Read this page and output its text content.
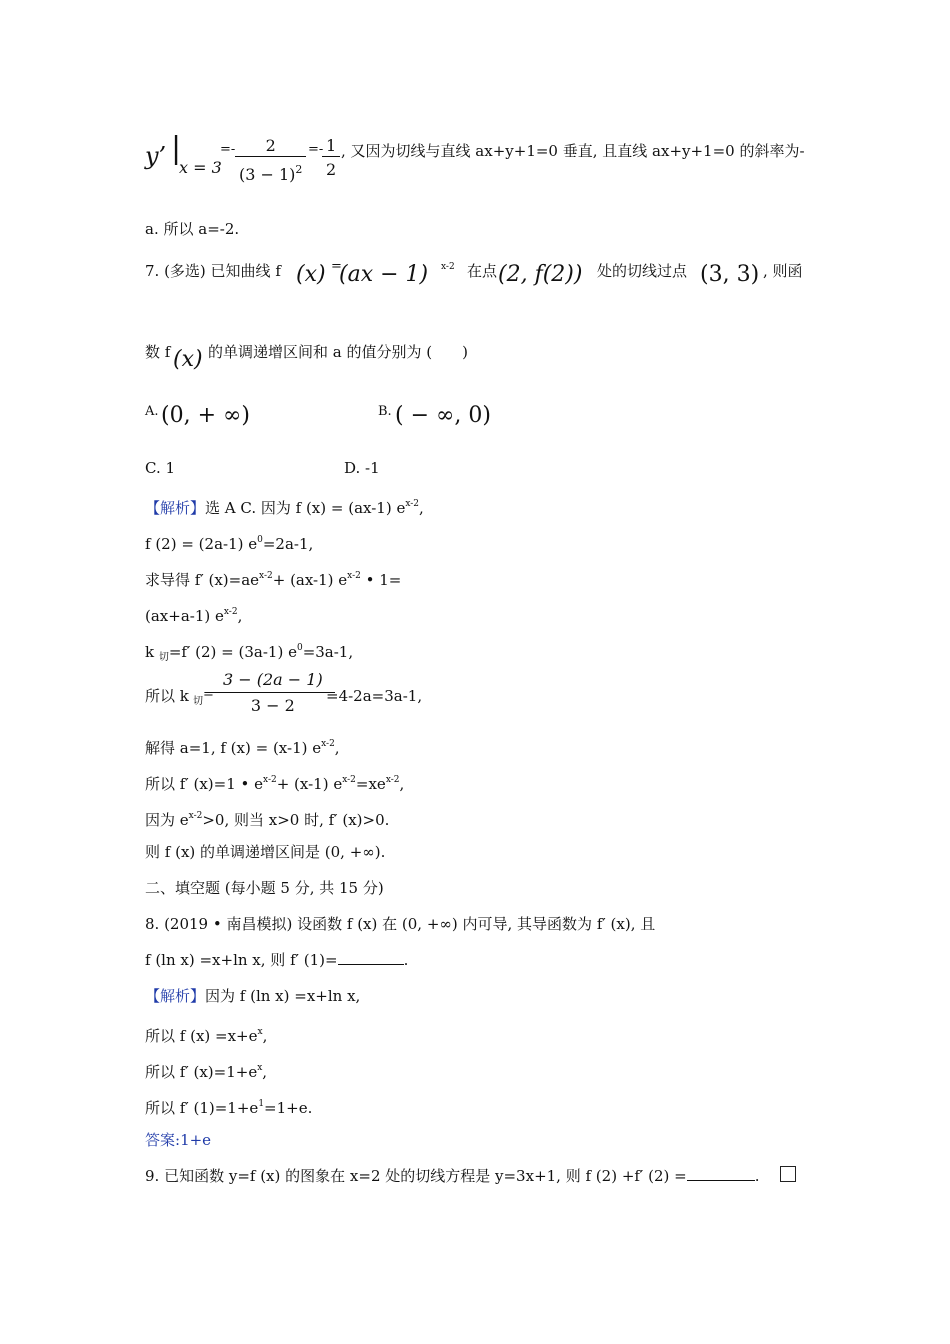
y’ |
x = 3
=- $\frac{2}{(3 - 1)^2}$ =-
$\frac{1}{2}$ , 又因为切线与直线 ax+y+1=0 垂直, 且直线 ax+y+1=0 的斜率为-
a. 所以 a=-2.
7. (多选) 已知曲线 f (x) =
(ax − 1) x-2 在点 (2, f(2)) 处的切线过点 (3, 3) , 则函
数 f (x) 的单调递增区间和 a 的值分别为 (　　)
A. (0, + ∞)	B. ( − ∞, 0)
C. 1	D. -1
【解析】选 A C. 因为 f (x) = (ax-1) $e^{x-2}$,
f (2) = (2a-1) $e^0=2a-1$,
求导得 f′ $(x)=ae^{x-2}+ (ax-1)$ $e^{x-2}$ • 1=
(ax+a-1) $e^{x-2}$,
k $_切$=f′ (2) = (3a-1) $e^0=3a-1$,
所以 k 切 =
$\frac{3 - (2a - 1)}{3 - 2}$
=4-2a=3a-1,
解得 a=1, f (x) = (x-1) $e^{x-2}$,
所以 f′ (x)=1 • $e^{x-2}+ (x-1)$ $e^{x-2}=xe^{x-2}$,
因为 $e^{x-2}>0$, 则当 x>0 时, f′ (x)>0.
则 f (x) 的单调递增区间是 (0, +∞).
二、填空题 (每小题 5 分, 共 15 分)
8. (2019 • 南昌模拟) 设函数 f (x) 在 (0, +∞) 内可导, 其导函数为 f′ (x), 且
f (ln x) =x+ln x, 则 f′ (1)=	.
【解析】因为 f (ln x) =x+ln x,
所以 f $(x) =x+e^x$,
所以 f′ $(x)=1+e^x$,
所以 f′ $(1)=1+e^1=1+e$.
答案:1+e
9. 已知函数 y=f (x) 的图象在 x=2 处的切线方程是 y=3x+1, 则 f (2) +f′ (2) =	.
